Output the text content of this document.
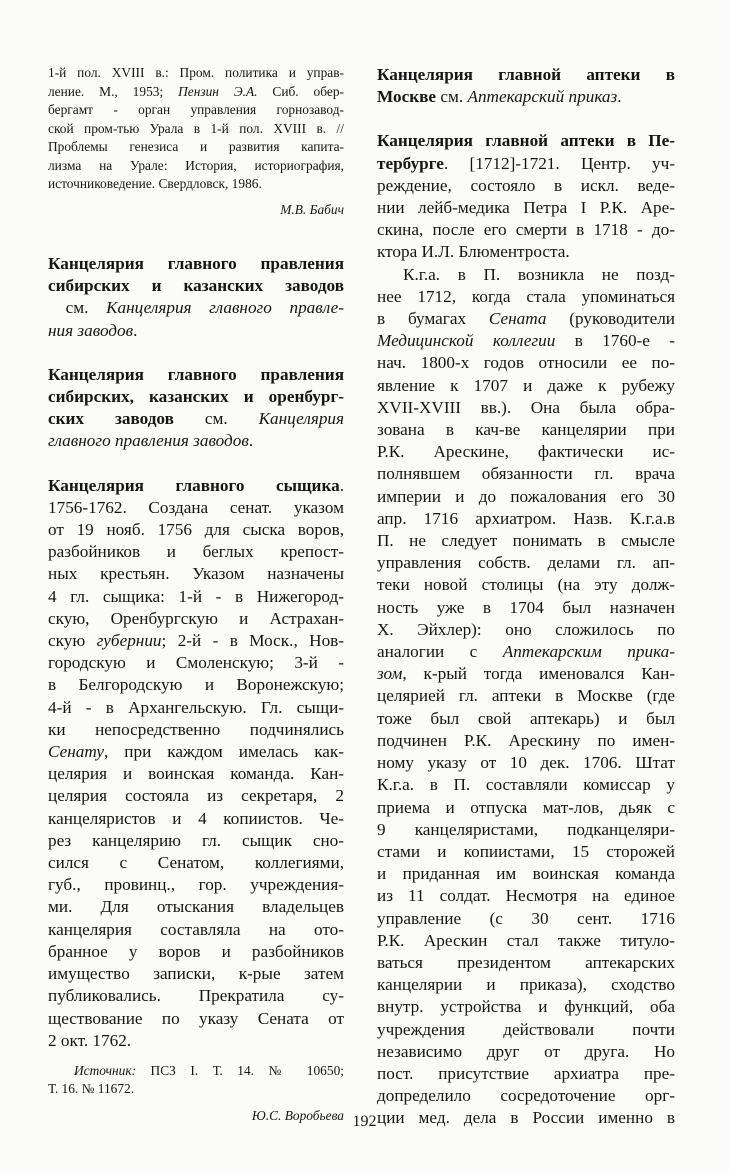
1-й пол. XVIII в.: Пром. политика и управ-
ление. М., 1953; Пензин Э.А. Сиб. обер-
бергамт - орган управления горнозавод-
ской пром-тью Урала в 1-й пол. XVIII в. //
Проблемы генезиса и развития капита-
лизма на Урале: История, историография,
источниковедение. Свердловск, 1986.
М.В. Бабич
Канцелярия главного правления
сибирских и казанских заводов
см. Канцелярия главного правле-
ния заводов.
Канцелярия главного правления
сибирских, казанских и оренбург-
ских заводов см. Канцелярия
главного правления заводов.
Канцелярия главного сыщика.
1756-1762. Создана сенат. указом
от 19 нояб. 1756 для сыска воров,
разбойников и беглых крепост-
ных крестьян. Указом назначены
4 гл. сыщика: 1-й - в Нижегород-
скую, Оренбургскую и Астрахан-
скую губернии; 2-й - в Моск., Нов-
городскую и Смоленскую; 3-й -
в Белгородскую и Воронежскую;
4-й - в Архангельскую. Гл. сыщи-
ки непосредственно подчинялись
Сенату, при каждом имелась как-
целярия и воинская команда. Кан-
целярия состояла из секретаря, 2
канцеляристов и 4 копиистов. Че-
рез канцелярию гл. сыщик сно-
сился с Сенатом, коллегиями,
губ., провинц., гор. учреждения-
ми. Для отыскания владельцев
канцелярия составляла на ото-
бранное у воров и разбойников
имуществo записки, к-рые затем
публиковались. Прекратила су-
ществование по указу Сената от
2 окт. 1762.
Источник: ПСЗ I. Т. 14. № 10650;
Т. 16. № 11672.
Ю.С. Воробьева
Канцелярия главной аптеки в
Москве см. Аптекарский приказ.
Канцелярия главной аптеки в Пе-
тербурге. [1712]-1721. Центр. уч-
реждение, состояло в искл. веде-
нии лейб-медика Петра I Р.К. Аре-
скина, после его смерти в 1718 - до-
ктора И.Л. Блюментроста.
К.г.а. в П. возникла не позд-
нее 1712, когда стала упоминаться
в бумагах Сената (руководители
Медицинской коллегии в 1760-е -
нач. 1800-х годов относили ее по-
явление к 1707 и даже к рубежу
XVII-XVIII вв.). Она была обра-
зована в кач-ве канцелярии при
Р.К. Арескине, фактически ис-
полнявшем обязанности гл. врача
империи и до пожалования его 30
апр. 1716 архиатром. Назв. К.г.а.в
П. не следует понимать в смысле
управления собств. делами гл. ап-
теки новой столицы (на эту долж-
ность уже в 1704 был назначен
Х. Эйхлер): оно сложилось по
аналогии с Аптекарским прика-
зом, к-рый тогда именовался Кан-
целярией гл. аптеки в Москве (где
тоже был свой аптекарь) и был
подчинен Р.К. Арескину по имен-
ному указу от 10 дек. 1706. Штат
К.г.а. в П. составляли комиссар у
приема и отпуска мат-лов, дьяк с
9 канцеляристами, подканцеляри-
стами и копиистами, 15 сторожей
и приданная им воинская команда
из 11 солдат. Несмотря на единое
управление (с 30 сент. 1716
Р.К. Арескин стал также титуло-
ваться президентом аптекарских
канцелярии и приказа), сходство
внутр. устройства и функций, оба
учреждения действовали почти
независимо друг от друга. Но
пост. присутствие архиатра пре-
допределило сосредоточение орг-
ции мед. дела в России именно в
192
